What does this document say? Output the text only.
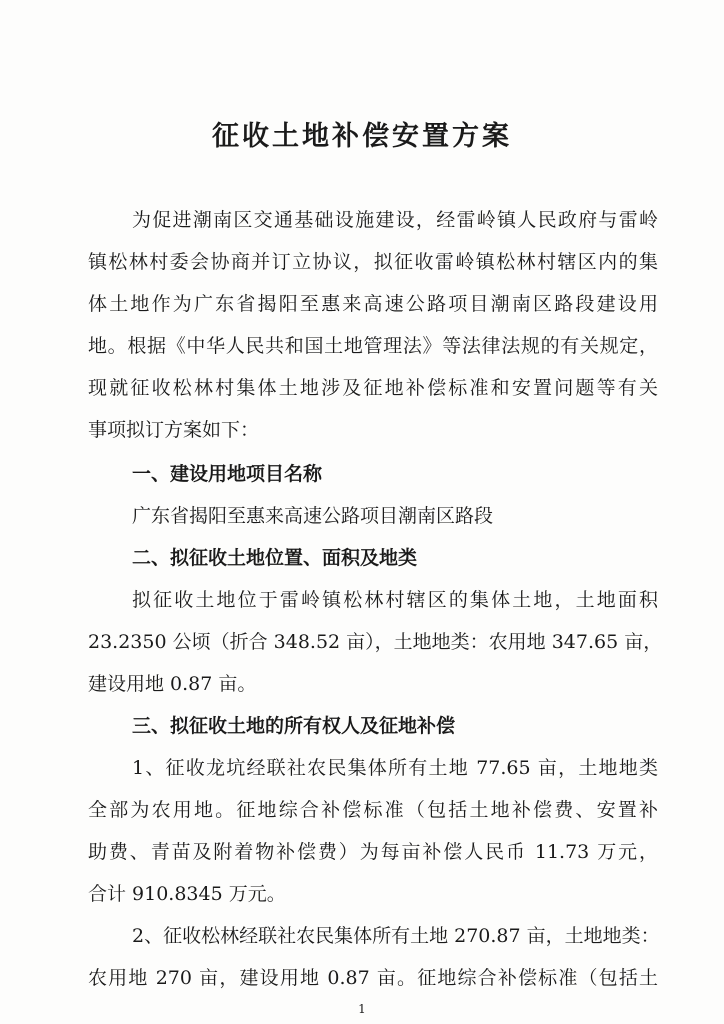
征收土地补偿安置方案
为促进潮南区交通基础设施建设，经雷岭镇人民政府与雷岭
镇松林村委会协商并订立协议，拟征收雷岭镇松林村辖区内的集
体土地作为广东省揭阳至惠来高速公路项目潮南区路段建设用
地。根据《中华人民共和国土地管理法》等法律法规的有关规定，
现就征收松林村集体土地涉及征地补偿标准和安置问题等有关
事项拟订方案如下：
一、建设用地项目名称
广东省揭阳至惠来高速公路项目潮南区路段
二、拟征收土地位置、面积及地类
拟征收土地位于雷岭镇松林村辖区的集体土地，土地面积
23.2350 公顷（折合 348.52 亩），土地地类：农用地 347.65 亩，
建设用地 0.87 亩。
三、拟征收土地的所有权人及征地补偿
1、征收龙坑经联社农民集体所有土地 77.65 亩，土地地类
全部为农用地。征地综合补偿标准（包括土地补偿费、安置补
助费、青苗及附着物补偿费）为每亩补偿人民币 11.73 万元，
合计 910.8345 万元。
2、征收松林经联社农民集体所有土地 270.87 亩，土地地类：
农用地 270 亩，建设用地 0.87 亩。征地综合补偿标准（包括土
1
